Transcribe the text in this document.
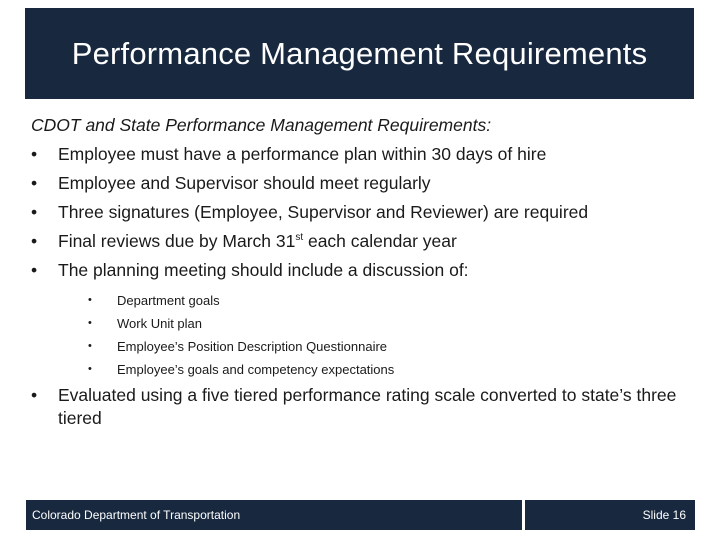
Performance Management Requirements

CDOT and State Performance Management Requirements:

•	Employee must have a performance plan within 30 days of hire
•	Employee and Supervisor should meet regularly
•	Three signatures (Employee, Supervisor and Reviewer) are required
•	Final reviews due by March 31st each calendar year
•	The planning meeting should include a discussion of:
• Department goals
• Work Unit plan
• Employee’s Position Description Questionnaire
• Employee’s goals and competency expectations
•	Evaluated using a five tiered performance rating scale converted to state’s three tiered
Colorado Department of Transportation	Slide 16
